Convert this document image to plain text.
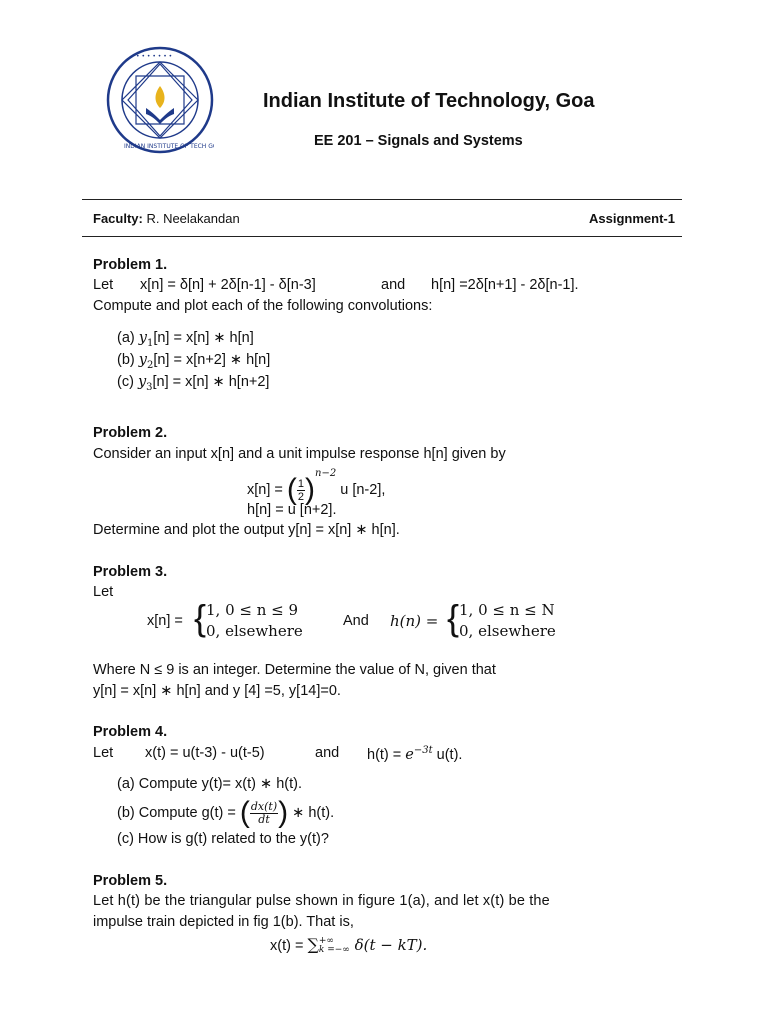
• • • • • • •
INDIAN INSTITUTE OF TECH GOA
Indian Institute of Technology, Goa
EE 201 – Signals and Systems
Faculty: R. Neelakandan	Assignment-1
Problem 1.
Let x[n] = δ[n] + 2δ[n-1] - δ[n-3]	and h[n] =2δ[n+1] - 2δ[n-1].
Compute and plot each of the following convolutions:
(a) $y_1[n] = x[n]$ ∗ h[n]
(b) $y_2[n] = x[n+2]$ ∗ h[n]
(c) $y_3[n] = x[n]$ ∗ h[n+2]
Problem 2.
Consider an input x[n] and a unit impulse response h[n] given by
x[n] = ( $\frac{1}{2} )^{n-2}$ u [n-2],
h[n] = u [n+2].
Determine and plot the output y[n] = x[n] ∗ h[n].
Problem 3.
Let
x[n] = { 1, 0 ≤ n ≤ 9
0, elsewhere
And h(n) = { 1, 0 ≤ n ≤ N
0, elsewhere
Where N ≤ 9 is an integer. Determine the value of N, given that
y[n] = x[n] ∗ h[n] and y [4] =5, y[14]=0.
Problem 4.
Let x(t) = u(t-3) - u(t-5)	and $h(t) = e^{-3t}$ u(t).
(a) Compute y(t)= x(t) ∗ h(t).
(b) Compute g(t) = ( $\frac{dx(t)}{dt}$ ) ∗ h(t).
(c) How is g(t) related to the y(t)?
Problem 5.
Let h(t) be the triangular pulse shown in figure 1(a), and let x(t) be the
impulse train depicted in fig 1(b). That is,
x(t) = ∑ +∞
k =−∞ δ(t − kT).
